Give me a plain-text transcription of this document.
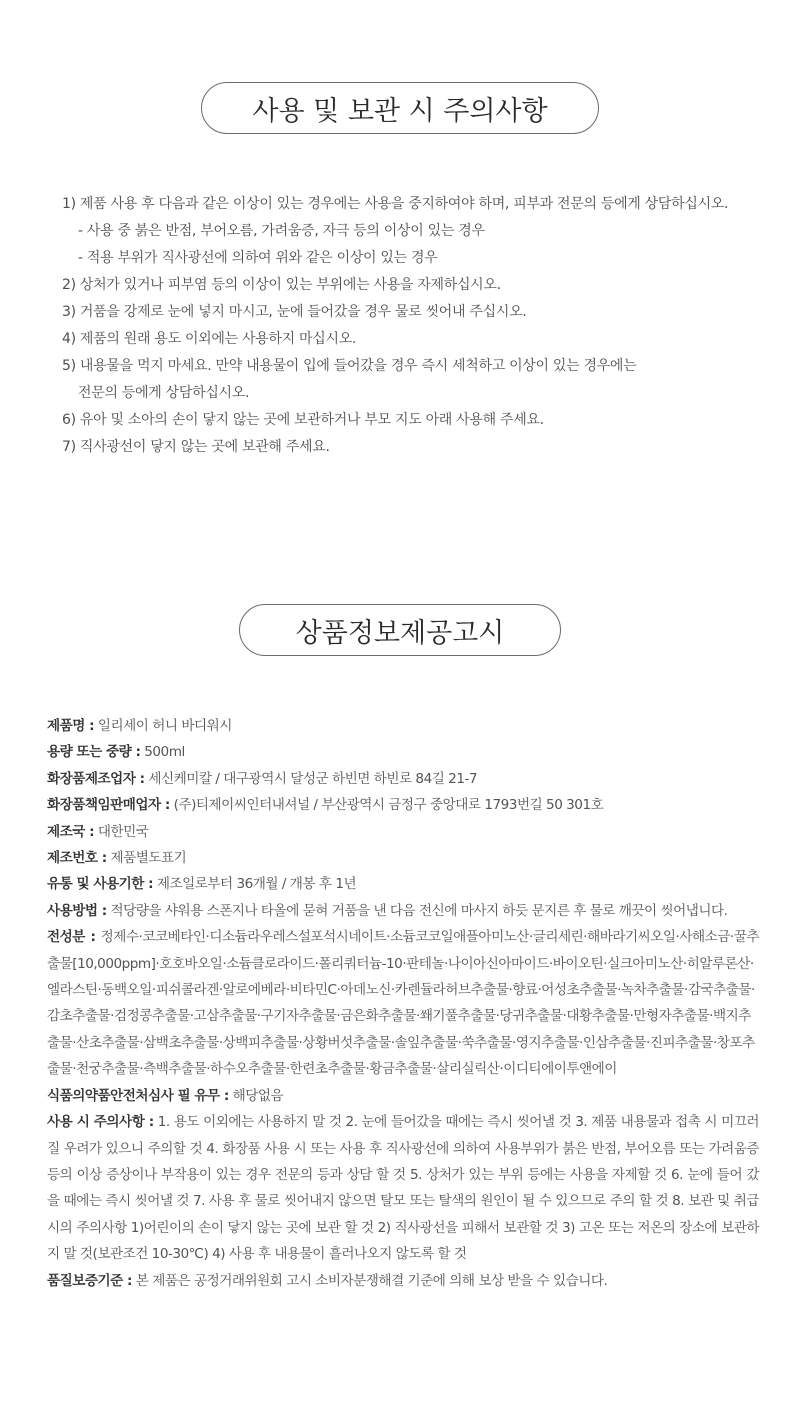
사용 및 보관 시 주의사항
1) 제품 사용 후 다음과 같은 이상이 있는 경우에는 사용을 중지하여야 하며, 피부과 전문의 등에게 상담하십시오.
- 사용 중 붉은 반점, 부어오름, 가려움증, 자극 등의 이상이 있는 경우
- 적용 부위가 직사광선에 의하여 위와 같은 이상이 있는 경우
2) 상처가 있거나 피부염 등의 이상이 있는 부위에는 사용을 자제하십시오.
3) 거품을 강제로 눈에 넣지 마시고, 눈에 들어갔을 경우 물로 씻어내 주십시오.
4) 제품의 원래 용도 이외에는 사용하지 마십시오.
5) 내용물을 먹지 마세요. 만약 내용물이 입에 들어갔을 경우 즉시 세척하고 이상이 있는 경우에는
전문의 등에게 상담하십시오.
6) 유아 및 소아의 손이 닿지 않는 곳에 보관하거나 부모 지도 아래 사용해 주세요.
7) 직사광선이 닿지 않는 곳에 보관해 주세요.
상품정보제공고시

제품명 : 일리세이 허니 바디워시

용량 또는 중량 : 500ml

화장품제조업자 : 세신케미칼 / 대구광역시 달성군 하빈면 하빈로 84길 21-7

화장품책임판매업자 : (주)티제이씨인터내셔널 / 부산광역시 금정구 중앙대로 1793번길 50 301호

제조국 : 대한민국

제조번호 : 제품별도표기

유통 및 사용기한 : 제조일로부터 36개월 / 개봉 후 1년

사용방법 : 적당량을 샤워용 스폰지나 타올에 묻혀 거품을 낸 다음 전신에 마사지 하듯 문지른 후 물로 깨끗이 씻어냅니다.

전성분 : 정제수·코코베타인·디소듐라우레스설포석시네이트·소듐코코일애플아미노산·글리세린·해바라기씨오일·사해소금·꿀추출물[10,000ppm]·호호바오일·소듐클로라이드·폴리쿼터늄-10·판테놀·나이아신아마이드·바이오틴·실크아미노산·히알루론산·엘라스틴·동백오일·피쉬콜라겐·알로에베라·비타민C·아데노신·카렌듈라허브추출물·향료·어성초추출물·녹차추출물·감국추출물·감초추출물·검정콩추출물·고삼추출물·구기자추출물·금은화추출물·쐐기풀추출물·당귀추출물·대황추출물·만형자추출물·백지추출물·산초추출물·삼백초추출물·상백피추출물·상황버섯추출물·솔잎추출물·쑥추출물·영지추출물·인삼추출물·진피추출물·창포추출물·천궁추출물·측백추출물·하수오추출물·한련초추출물·황금추출물·살리실릭산·이디티에이투앤에이

식품의약품안전처심사 필 유무 : 해당없음

사용 시 주의사항 : 1. 용도 이외에는 사용하지 말 것 2. 눈에 들어갔을 때에는 즉시 씻어낼 것 3. 제품 내용물과 접촉 시 미끄러질 우려가 있으니 주의할 것 4. 화장품 사용 시 또는 사용 후 직사광선에 의하여 사용부위가 붉은 반점, 부어오름 또는 가려움증 등의 이상 증상이나 부작용이 있는 경우 전문의 등과 상담 할 것 5. 상처가 있는 부위 등에는 사용을 자제할 것 6. 눈에 들어 갔을 때에는 즉시 씻어낼 것 7. 사용 후 물로 씻어내지 않으면 탈모 또는 탈색의 원인이 될 수 있으므로 주의 할 것 8. 보관 및 취급 시의 주의사항 1)어린이의 손이 닿지 않는 곳에 보관 할 것 2) 직사광선을 피해서 보관할 것 3) 고온 또는 저온의 장소에 보관하지 말 것(보관조건 10-30℃) 4) 사용 후 내용물이 흘러나오지 않도록 할 것

품질보증기준 : 본 제품은 공정거래위원회 고시 소비자분쟁해결 기준에 의해 보상 받을 수 있습니다.
